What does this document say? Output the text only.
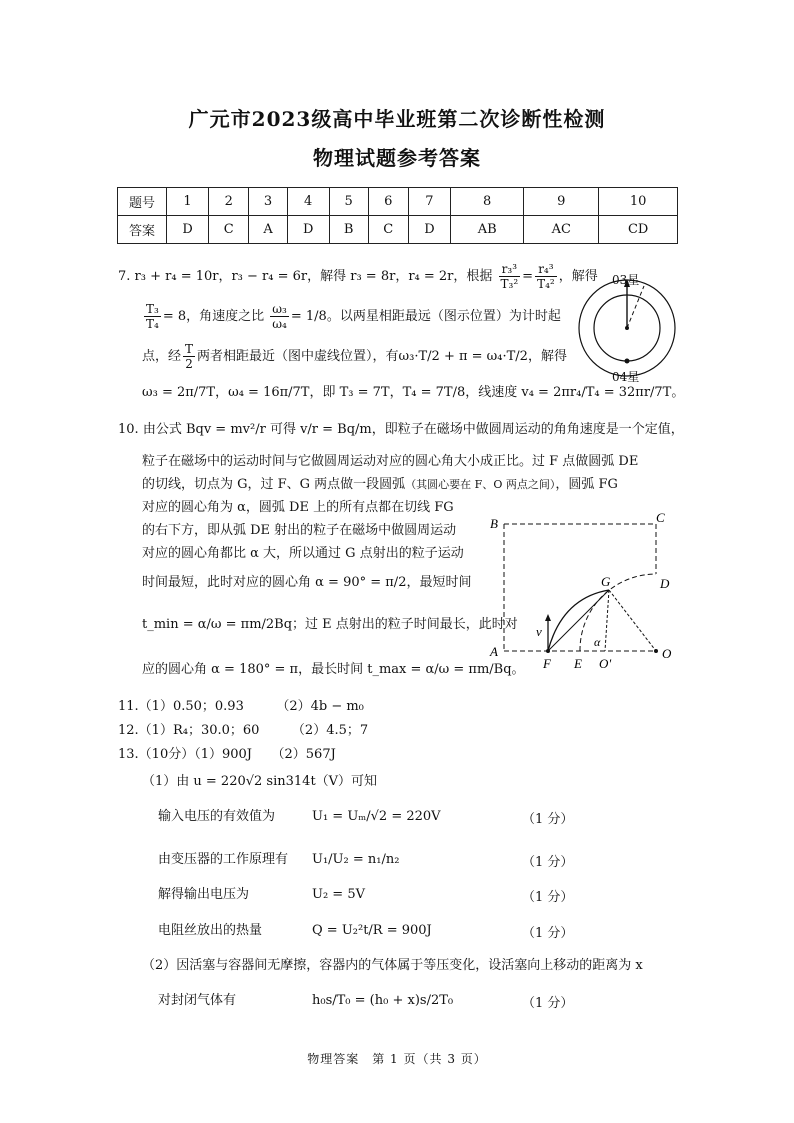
广元市2023级高中毕业班第二次诊断性检测
物理试题参考答案
题号	1	2	3	4	5	6	7	8	9	10
答案	D	C	A	D	B	C	D	AB	AC	CD
7. r₃ + r₄ = 10r，r₃ − r₄ = 6r，解得 r₃ = 8r，r₄ = 2r，根据 $\frac{\text{r₃³}}{\text{T₃²}} = \frac{\text{r₄³}}{\text{T₄²}}$ ，解得
$\frac{\text{T₃}}{\text{T₄}} = 8$，角速度之比 $\frac{\text{ω₃}}{\text{ω₄}} = 1/8$。以两星相距最远（图示位置）为计时起
点，经 $\frac{T}{2}$ 两者相距最近（图中虚线位置），有ω₃·T/2 + π = ω₄·T/2，解得
ω₃ = 2π/7T，ω₄ = 16π/7T，即 T₃ = 7T，T₄ = 7T/8，线速度 v₄ = 2πr₄/T₄ = 32πr/7T。
03星
04星
10. 由公式 Bqv = mv²/r 可得 v/r = Bq/m，即粒子在磁场中做圆周运动的角角速度是一个定值，
粒子在磁场中的运动时间与它做圆周运动对应的圆心角大小成正比。过 F 点做圆弧 DE
的切线，切点为 G，过 F、G 两点做一段圆弧（其圆心要在 F、O 两点之间），圆弧 FG
对应的圆心角为 α，圆弧 DE 上的所有点都在切线 FG
的右下方，即从弧 DE 射出的粒子在磁场中做圆周运动
对应的圆心角都比 α 大，所以通过 G 点射出的粒子运动
时间最短，此时对应的圆心角 α = 90° = π/2，最短时间
t_min = α/ω = πm/2Bq；过 E 点射出的粒子时间最长，此时对
应的圆心角 α = 180° = π，最长时间 t_max = α/ω = πm/Bq。
B	C
G	D
A
F E O'
O
v
α
11.（1）0.50；0.93　　　（2）4b − m₀
12.（1）R₄；30.0；60　　　（2）4.5；7
13.（10分）（1）900J　　（2）567J
（1）由 u = 220√2 sin314t（V）可知
输入电压的有效值为	U₁ = Uₘ/√2 = 220V	（1 分）
由变压器的工作原理有 U₁/U₂ = n₁/n₂	（1 分）
解得输出电压为	U₂ = 5V	（1 分）
电阻丝放出的热量	Q = U₂²t/R = 900J	（1 分）
（2）因活塞与容器间无摩擦，容器内的气体属于等压变化，设活塞向上移动的距离为 x
对封闭气体有	h₀s/T₀ = (h₀ + x)s/2T₀	（1 分）
物理答案　第 1 页（共 3 页）
